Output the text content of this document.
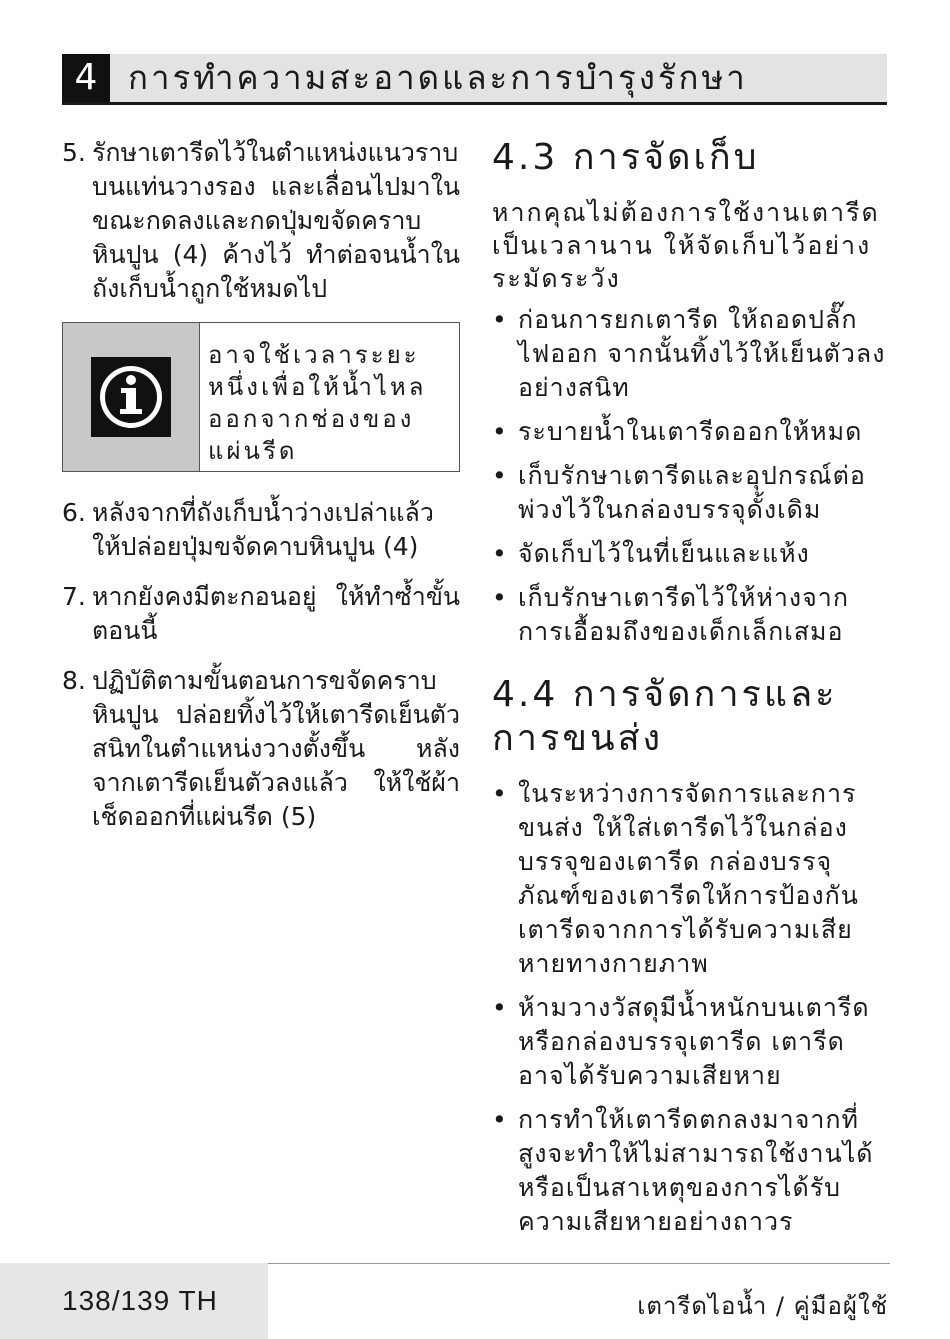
4 การทำความสะอาดและการบำรุงรักษา
5. รักษาเตารีดไว้ในตำแหน่งแนวราบบนแท่นวางรอง และเลื่อนไปมาในขณะกดลงและกดปุ่มขจัดคราบหินปูน (4) ค้างไว้ ทำต่อจนน้ำในถังเก็บน้ำถูกใช้หมดไป
อาจใช้เวลาระยะหนึ่งเพื่อให้น้ำไหลออกจากช่องของแผ่นรีด
6. หลังจากที่ถังเก็บน้ำว่างเปล่าแล้ว ให้ปล่อยปุ่มขจัดคาบหินปูน (4)
7. หากยังคงมีตะกอนอยู่ ให้ทำซ้ำขั้นตอนนี้
8. ปฏิบัติตามขั้นตอนการขจัดคราบหินปูน ปล่อยทิ้งไว้ให้เตารีดเย็นตัวสนิทในตำแหน่งวางตั้งขึ้น หลังจากเตารีดเย็นตัวลงแล้ว ให้ใช้ผ้าเช็ดออกที่แผ่นรีด (5)
4.3 การจัดเก็บ
หากคุณไม่ต้องการใช้งานเตารีดเป็นเวลานาน ให้จัดเก็บไว้อย่างระมัดระวัง
• ก่อนการยกเตารีด ให้ถอดปลั๊กไฟออก จากนั้นทิ้งไว้ให้เย็นตัวลงอย่างสนิท
• ระบายน้ำในเตารีดออกให้หมด
• เก็บรักษาเตารีดและอุปกรณ์ต่อพ่วงไว้ในกล่องบรรจุดั้งเดิม
• จัดเก็บไว้ในที่เย็นและแห้ง
• เก็บรักษาเตารีดไว้ให้ห่างจากการเอื้อมถึงของเด็กเล็กเสมอ
4.4 การจัดการและการขนส่ง
• ในระหว่างการจัดการและการขนส่ง ให้ใส่เตารีดไว้ในกล่องบรรจุของเตารีด กล่องบรรจุภัณฑ์ของเตารีดให้การป้องกันเตารีดจากการได้รับความเสียหายทางกายภาพ
• ห้ามวางวัสดุมีน้ำหนักบนเตารีดหรือกล่องบรรจุเตารีด เตารีดอาจได้รับความเสียหาย
• การทำให้เตารีดตกลงมาจากที่สูงจะทำให้ไม่สามารถใช้งานได้หรือเป็นสาเหตุของการได้รับความเสียหายอย่างถาวร
138/139 TH	เตารีดไอน้ำ / คู่มือผู้ใช้
